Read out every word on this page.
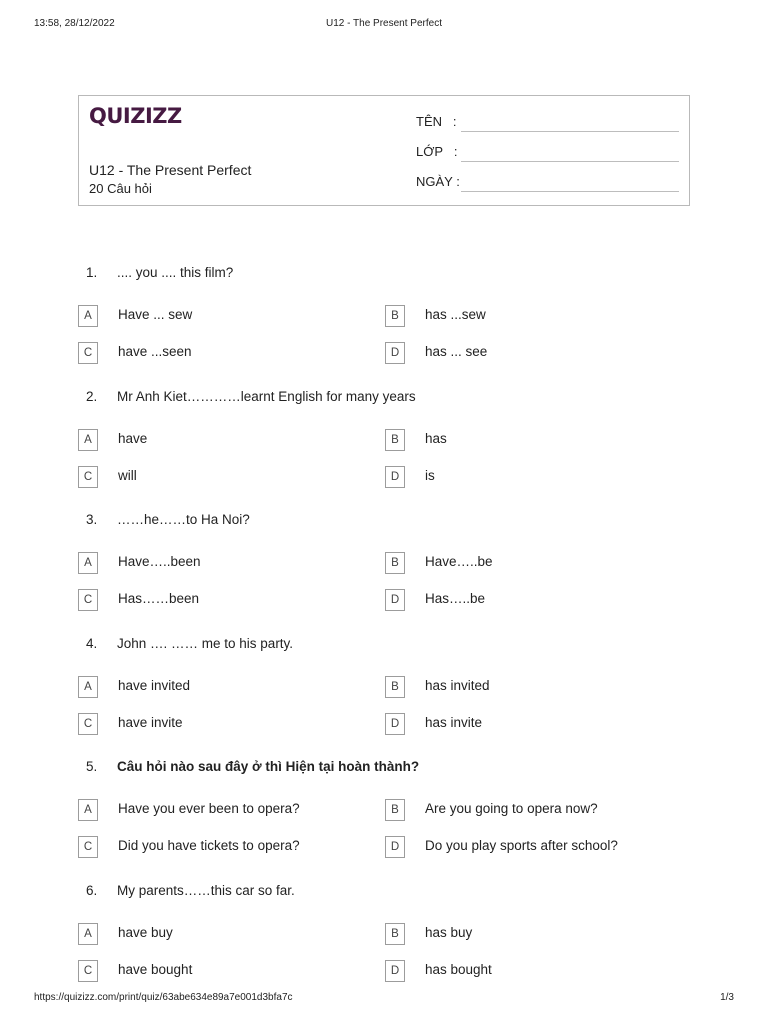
13:58, 28/12/2022	U12 - The Present Perfect
QUIZIZZ
U12 - The Present Perfect
20 Câu hỏi
TÊN   :
LỚP   :
NGÀY :
1. .... you .... this film?
A	Have ... sew	B	has ...sew
C	have ...seen	D	has ... see
2. Mr Anh Kiet…………learnt English for many years
A	have	B	has
C	will	D	is
3. ……he……to Ha Noi?
A	Have…..been	B	Have…..be
C	Has……been	D	Has…..be
4. John …. …… me to his party.
A	have invited	B	has invited
C	have invite	D	has invite
5. Câu hỏi nào sau đây ở thì Hiện tại hoàn thành?
A	Have you ever been to opera?	B	Are you going to opera now?
C	Did you have tickets to opera?	D	Do you play sports after school?
6. My parents……this car so far.
A	have buy	B	has buy
C	have bought	D	has bought
https://quizizz.com/print/quiz/63abe634e89a7e001d3bfa7c	1/3
